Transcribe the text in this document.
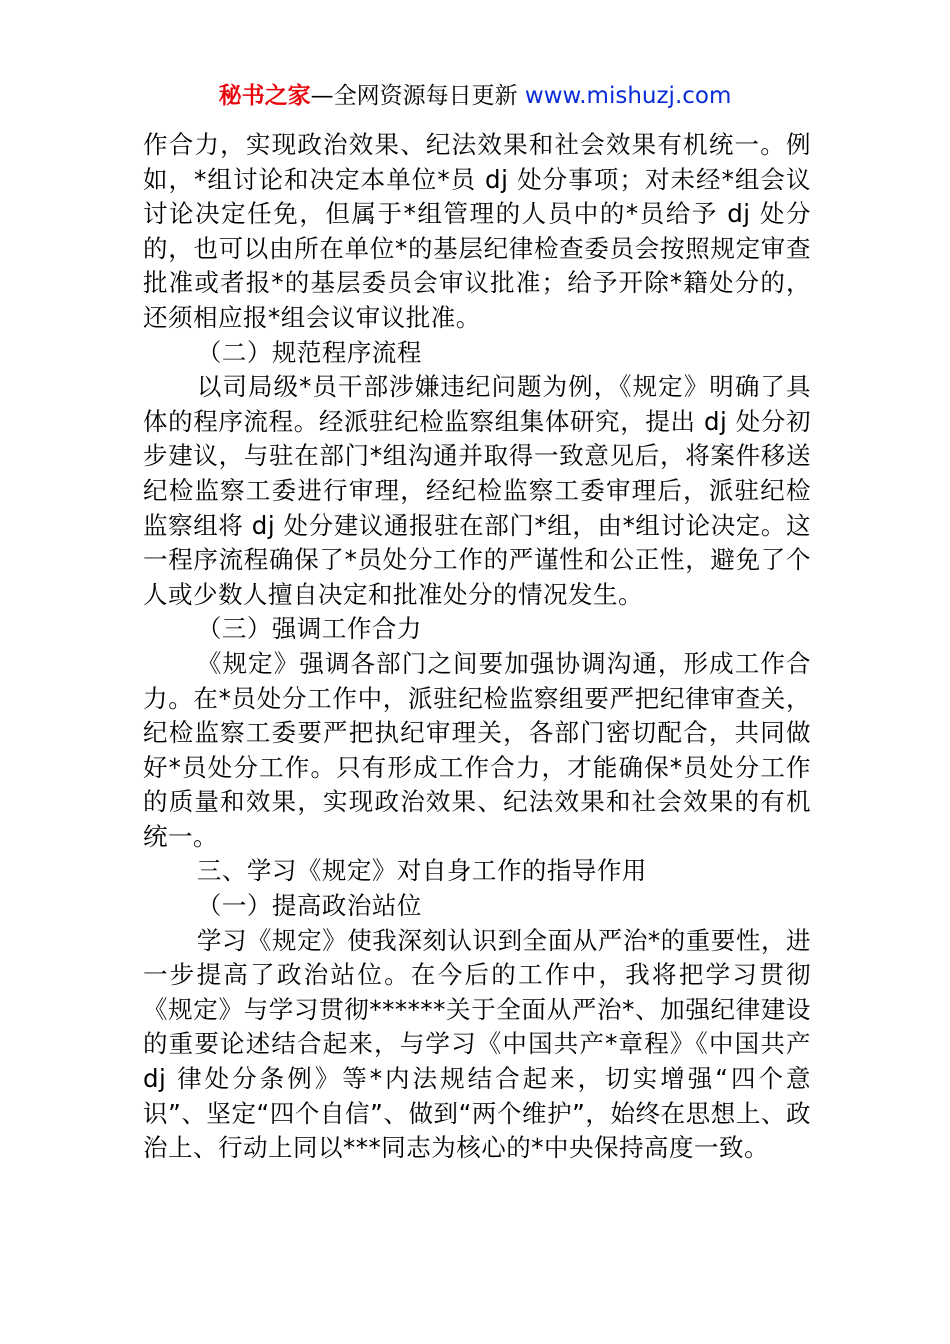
秘书之家—全网资源每日更新 www.mishuzj.com

作合力，实现政治效果、纪法效果和社会效果有机统一。例如，*组讨论和决定本单位*员 dj 处分事项；对未经*组会议讨论决定任免，但属于*组管理的人员中的*员给予 dj 处分的，也可以由所在单位*的基层纪律检查委员会按照规定审查批准或者报*的基层委员会审议批准；给予开除*籍处分的，还须相应报*组会议审议批准。

（二）规范程序流程

以司局级*员干部涉嫌违纪问题为例，《规定》明确了具体的程序流程。经派驻纪检监察组集体研究，提出 dj 处分初步建议，与驻在部门*组沟通并取得一致意见后，将案件移送纪检监察工委进行审理，经纪检监察工委审理后，派驻纪检监察组将 dj 处分建议通报驻在部门*组，由*组讨论决定。这一程序流程确保了*员处分工作的严谨性和公正性，避免了个人或少数人擅自决定和批准处分的情况发生。

（三）强调工作合力

《规定》强调各部门之间要加强协调沟通，形成工作合力。在*员处分工作中，派驻纪检监察组要严把纪律审查关，纪检监察工委要严把执纪审理关，各部门密切配合，共同做好*员处分工作。只有形成工作合力，才能确保*员处分工作的质量和效果，实现政治效果、纪法效果和社会效果的有机统一。

三、学习《规定》对自身工作的指导作用

（一）提高政治站位

学习《规定》使我深刻认识到全面从严治*的重要性，进一步提高了政治站位。在今后的工作中，我将把学习贯彻《规定》与学习贯彻******关于全面从严治*、加强纪律建设的重要论述结合起来，与学习《中国共产*章程》《中国共产 dj 律处分条例》等*内法规结合起来，切实增强“四个意识”、坚定“四个自信”、做到“两个维护”，始终在思想上、政治上、行动上同以***同志为核心的*中央保持高度一致。
